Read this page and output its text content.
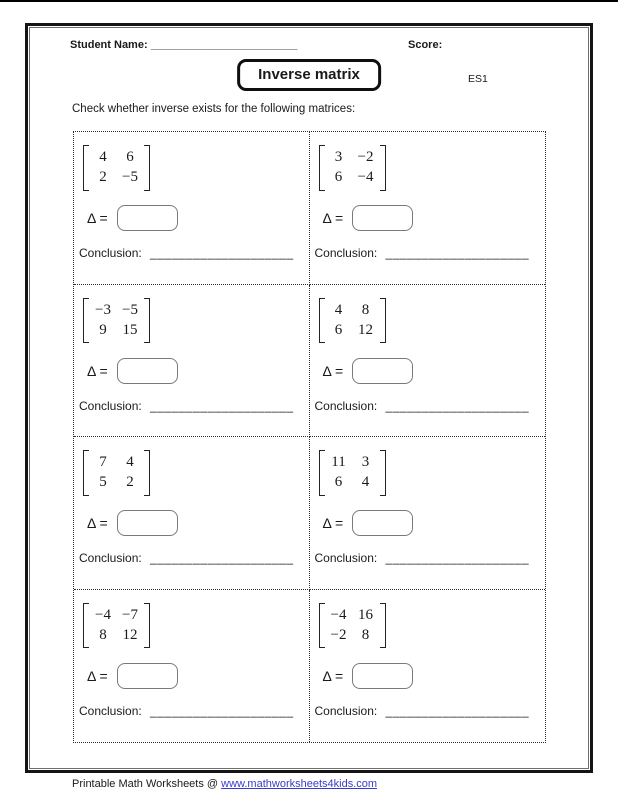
Student Name: ________________________	Score:
Inverse matrix	ES1
Check whether inverse exists for the following matrices:
4	6
2	−5
Δ =
Conclusion: ____________________
3	−2
6	−4
Δ =
Conclusion: ____________________
−3 −5
9	15
Δ =
Conclusion: ____________________
4	8
6	12
Δ =
Conclusion: ____________________
7	4
5	2
Δ =
Conclusion: ____________________
11	3
6	4
Δ =
Conclusion: ____________________
−4 −7
8	12
Δ =
Conclusion: ____________________
−4 16
−2	8
Δ =
Conclusion: ____________________
Printable Math Worksheets @ www.mathworksheets4kids.com
